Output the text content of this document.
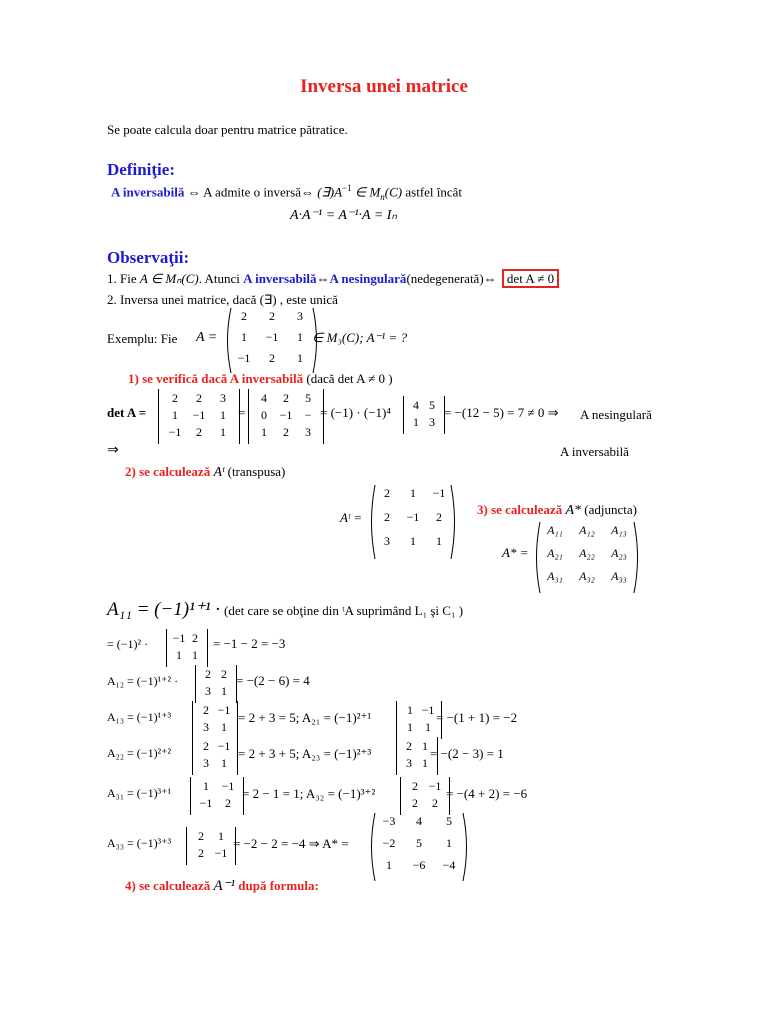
Inversa unei matrice
Se poate calcula doar pentru matrice pătratice.
Definiţie:
A inversabilă ⇔ A admite o inversă⇔ $(\exists)A^{-1}$ ∈ $M_n(C)$ astfel încât
A·A⁻¹ = A⁻¹·A = Iₙ
Observaţii:
1. Fie A ∈ Mₙ(C). Atunci A inversabilă⇔A nesingulară(nedegenerată)⇔ det A ≠ 0
2. Inversa unei matrice, dacă (∃) , este unică
Exemplu: Fie A =
2	2	3
1	−1	1
−1	2	1
∈ M₃(C); A⁻¹ = ?
1) se verifică dacă A inversabilă (dacă det A ≠ 0 )
det A =
2	2	3
1	−1	1
−1	2	1
=
4	2	5
0	−1	−
1	2	3
= (−1) · (−1)⁴	4 5
1 3
= −(12 − 5) = 7 ≠ 0 ⇒ A nesingulară
⇒	A inversabilă
2) se calculează Aᵗ (transpusa)
Aᵗ =
2	1	−1
2	−1	2
3	1	1
3) se calculează A* (adjuncta)
A* =
A₁₁	A₁₂	A₁₃
A₂₁	A₂₂	A₂₃
A₃₁	A₃₂	A₃₃
A₁₁ = (−1)¹⁺¹ · (det care se obţine din ᵗA suprimând L₁ şi C₁ )
= (−1)² · −1 2
1 1
= −1 − 2 = −3
A₁₂ = (−1)¹⁺² ·	2 2
3 1
= −(2 − 6) = 4
A₁₃ = (−1)¹⁺³	2 −1
3	1
= 2 + 3 = 5; A₂₁ = (−1)²⁺¹	1 −1
1	1
= −(1 + 1) = −2
A₂₂ = (−1)²⁺²	2 −1
3	1
= 2 + 3 + 5; A₂₃ = (−1)²⁺³	2 1
3 1
= −(2 − 3) = 1
A₃₁ = (−1)³⁺¹	1	−1
−1	2
= 2 − 1 = 1; A₃₂ = (−1)³⁺²	2 −1
2	2
= −(4 + 2) = −6
A₃₃ = (−1)³⁺³	2	1
2 −1
= −2 − 2 = −4 ⇒ A* =
−3	4	5
−2	5	1
1	−6	−4
4) se calculează A⁻¹ după formula:
